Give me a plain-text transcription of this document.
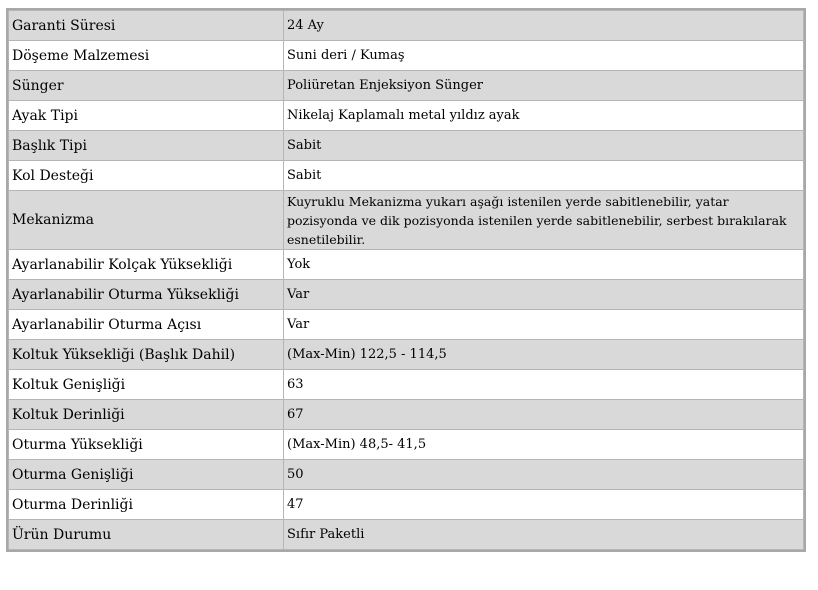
Garanti Süresi	24 Ay
Döşeme Malzemesi	Suni deri / Kumaş
Sünger	Poliüretan Enjeksiyon Sünger
Ayak Tipi	Nikelaj Kaplamalı metal yıldız ayak
Başlık Tipi	Sabit
Kol Desteği	Sabit
Mekanizma	Kuyruklu Mekanizma yukarı aşağı istenilen yerde sabitlenebilir, yatar pozisyonda ve dik pozisyonda istenilen yerde sabitlenebilir, serbest bırakılarak esnetilebilir.
Ayarlanabilir Kolçak Yüksekliği	Yok
Ayarlanabilir Oturma Yüksekliği	Var
Ayarlanabilir Oturma Açısı	Var
Koltuk Yüksekliği (Başlık Dahil)	(Max-Min) 122,5 - 114,5
Koltuk Genişliği	63
Koltuk Derinliği	67
Oturma Yüksekliği	(Max-Min) 48,5- 41,5
Oturma Genişliği	50
Oturma Derinliği	47
Ürün Durumu	Sıfır Paketli
